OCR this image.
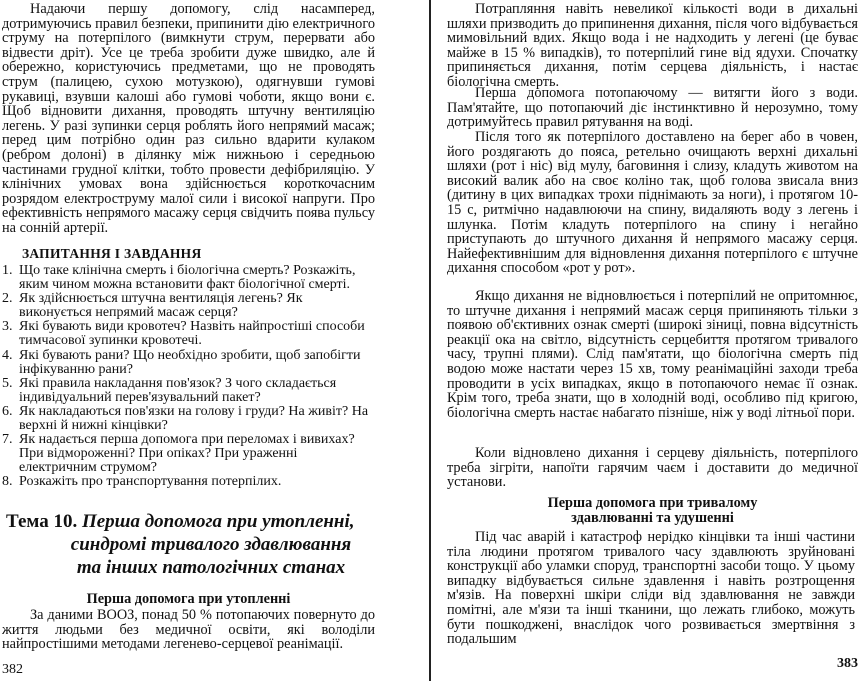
Надаючи першу допомогу, слід насамперед, дотримуючись правил безпеки, припинити дію електричного струму на потерпілого (вимкнути струм, перервати або відвести дріт). Усе це треба зробити дуже швидко, але й обережно, користуючись предметами, що не проводять струм (палицею, сухою мотузкою), одягнувши гумові рукавиці, взувши калоші або гумові чоботи, якщо вони є. Щоб відновити дихання, проводять штучну вентиляцію легень. У разі зупинки серця роблять його непрямий масаж; перед цим потрібно один раз сильно вдарити кулаком (ребром долоні) в ділянку між нижньою і середньою частинами грудної клітки, тобто провести дефібриляцію. У клінічних умовах вона здійснюється короткочасним розрядом електроструму малої сили і високої напруги. Про ефективність непрямого масажу серця свідчить поява пульсу на сонній артерії.

ЗАПИТАННЯ І ЗАВДАННЯ
1. Що таке клінічна смерть і біологічна смерть? Розкажіть, яким чином можна встановити факт біологічної смерті.
2. Як здійснюється штучна вентиляція легень? Як виконується непрямий масаж серця?
3. Які бувають види кровотеч? Назвіть найпростіші способи тимчасової зупинки кровотечі.
4. Які бувають рани? Що необхідно зробити, щоб запобігти інфікуванню рани?
5. Які правила накладання пов'язок? З чого складається індивідуальний перев'язувальний пакет?
6. Як накладаються пов'язки на голову і груди? На живіт? На верхні й нижні кінцівки?
7. Як надається перша допомога при переломах і вивихах? При відмороженні? При опіках? При ураженні електричним струмом?
8. Розкажіть про транспортування потерпілих.
Тема 10. Перша допомога при утопленні,
синдромі тривалого здавлювання
та інших патологічних станах
Перша допомога при утопленні

За даними ВООЗ, понад 50 % потопаючих повернуто до життя людьми без медичної освіти, які володіли найпростішими методами легенево-серцевої реанімації.

382

Потрапляння навіть невеликої кількості води в дихальні шляхи призводить до припинення дихання, після чого відбувається мимовільний вдих. Якщо вода і не надходить у легені (це буває майже в 15 % випадків), то потерпілий гине від ядухи. Спочатку припиняється дихання, потім серцева діяльність, і настає біологічна смерть.

Перша допомога потопаючому — витягти його з води. Пам'ятайте, що потопаючий діє інстинктивно й нерозумно, тому дотримуйтесь правил рятування на воді.

Після того як потерпілого доставлено на берег або в човен, його роздягають до пояса, ретельно очищають верхні дихальні шляхи (рот і ніс) від мулу, баговиння і слизу, кладуть животом на високий валик або на своє коліно так, щоб голова звисала вниз (дитину в цих випадках трохи піднімають за ноги), і протягом 10-15 с, ритмічно надавлюючи на спину, видаляють воду з легень і шлунка. Потім кладуть потерпілого на спину і негайно приступають до штучного дихання й непрямого масажу серця. Найефективнішим для відновлення дихання потерпілого є штучне дихання способом «рот у рот».

Якщо дихання не відновлюється і потерпілий не опритомнює, то штучне дихання і непрямий масаж серця припиняють тільки з появою об'єктивних ознак смерті (широкі зіниці, повна відсутність реакції ока на світло, відсутність серцебиття протягом тривалого часу, трупні плями). Слід пам'ятати, що біологічна смерть під водою може настати через 15 хв, тому реанімаційні заходи треба проводити в усіх випадках, якщо в потопаючого немає її ознак. Крім того, треба знати, що в холодній воді, особливо під кригою, біологічна смерть настає набагато пізніше, ніж у воді літньої пори.

Коли відновлено дихання і серцеву діяльність, потерпілого треба зігріти, напоїти гарячим чаєм і доставити до медичної установи.

Перша допомога при тривалому
здавлюванні та удушенні

Під час аварій і катастроф нерідко кінцівки та інші частини тіла людини протягом тривалого часу здавлюють зруйновані конструкції або уламки споруд, транспортні засоби тощо. У цьому випадку відбувається сильне здавлення і навіть розтрощення м'язів. На поверхні шкіри сліди від здавлювання не завжди помітні, але м'язи та інші тканини, що лежать глибоко, можуть бути пошкоджені, внаслідок чого розвивається змертвіння з подальшим

383
